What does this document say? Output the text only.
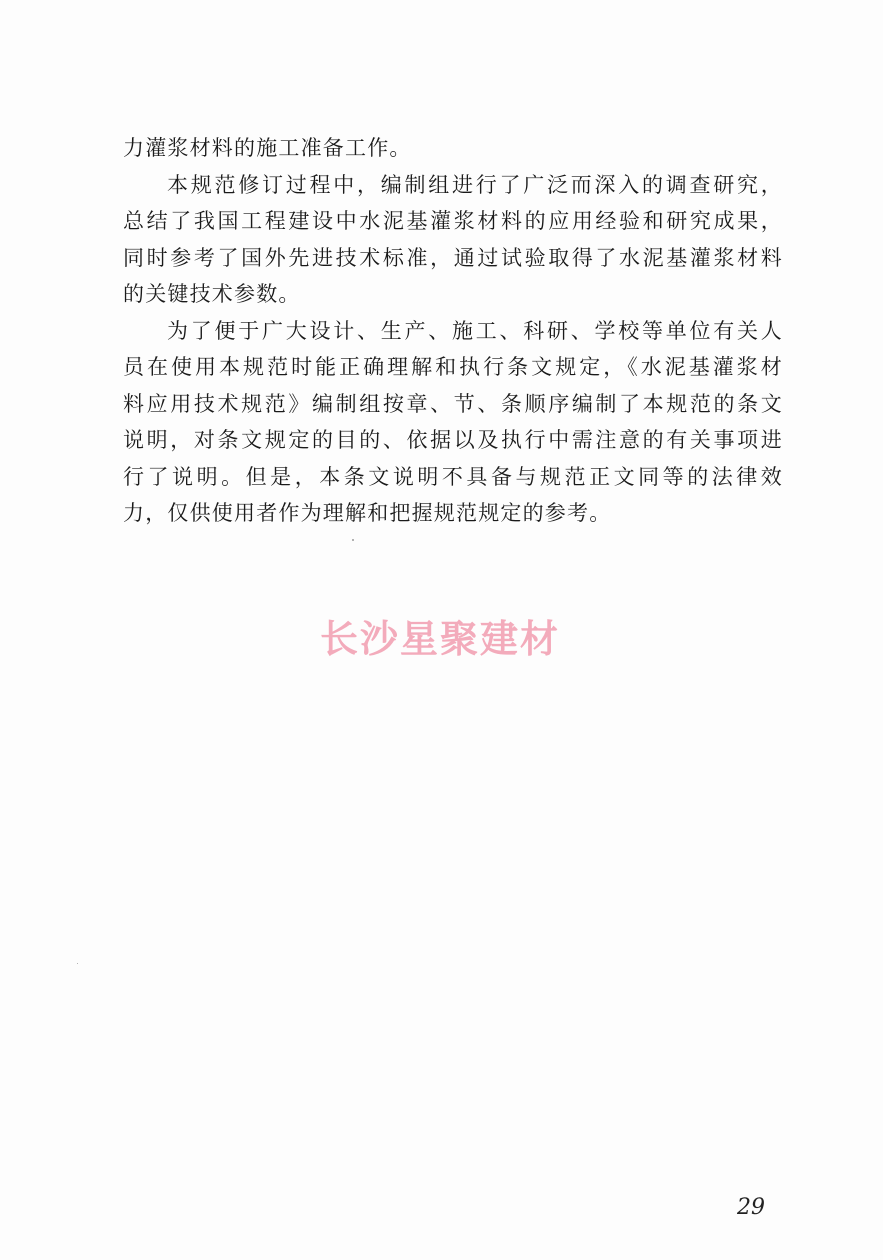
力灌浆材料的施工准备工作。
本规范修订过程中，编制组进行了广泛而深入的调查研究，
总结了我国工程建设中水泥基灌浆材料的应用经验和研究成果，
同时参考了国外先进技术标准，通过试验取得了水泥基灌浆材料
的关键技术参数。
为了便于广大设计、生产、施工、科研、学校等单位有关人
员在使用本规范时能正确理解和执行条文规定，《水泥基灌浆材
料应用技术规范》编制组按章、节、条顺序编制了本规范的条文
说明，对条文规定的目的、依据以及执行中需注意的有关事项进
行了说明。但是，本条文说明不具备与规范正文同等的法律效
力，仅供使用者作为理解和把握规范规定的参考。
长沙星聚建材
29
